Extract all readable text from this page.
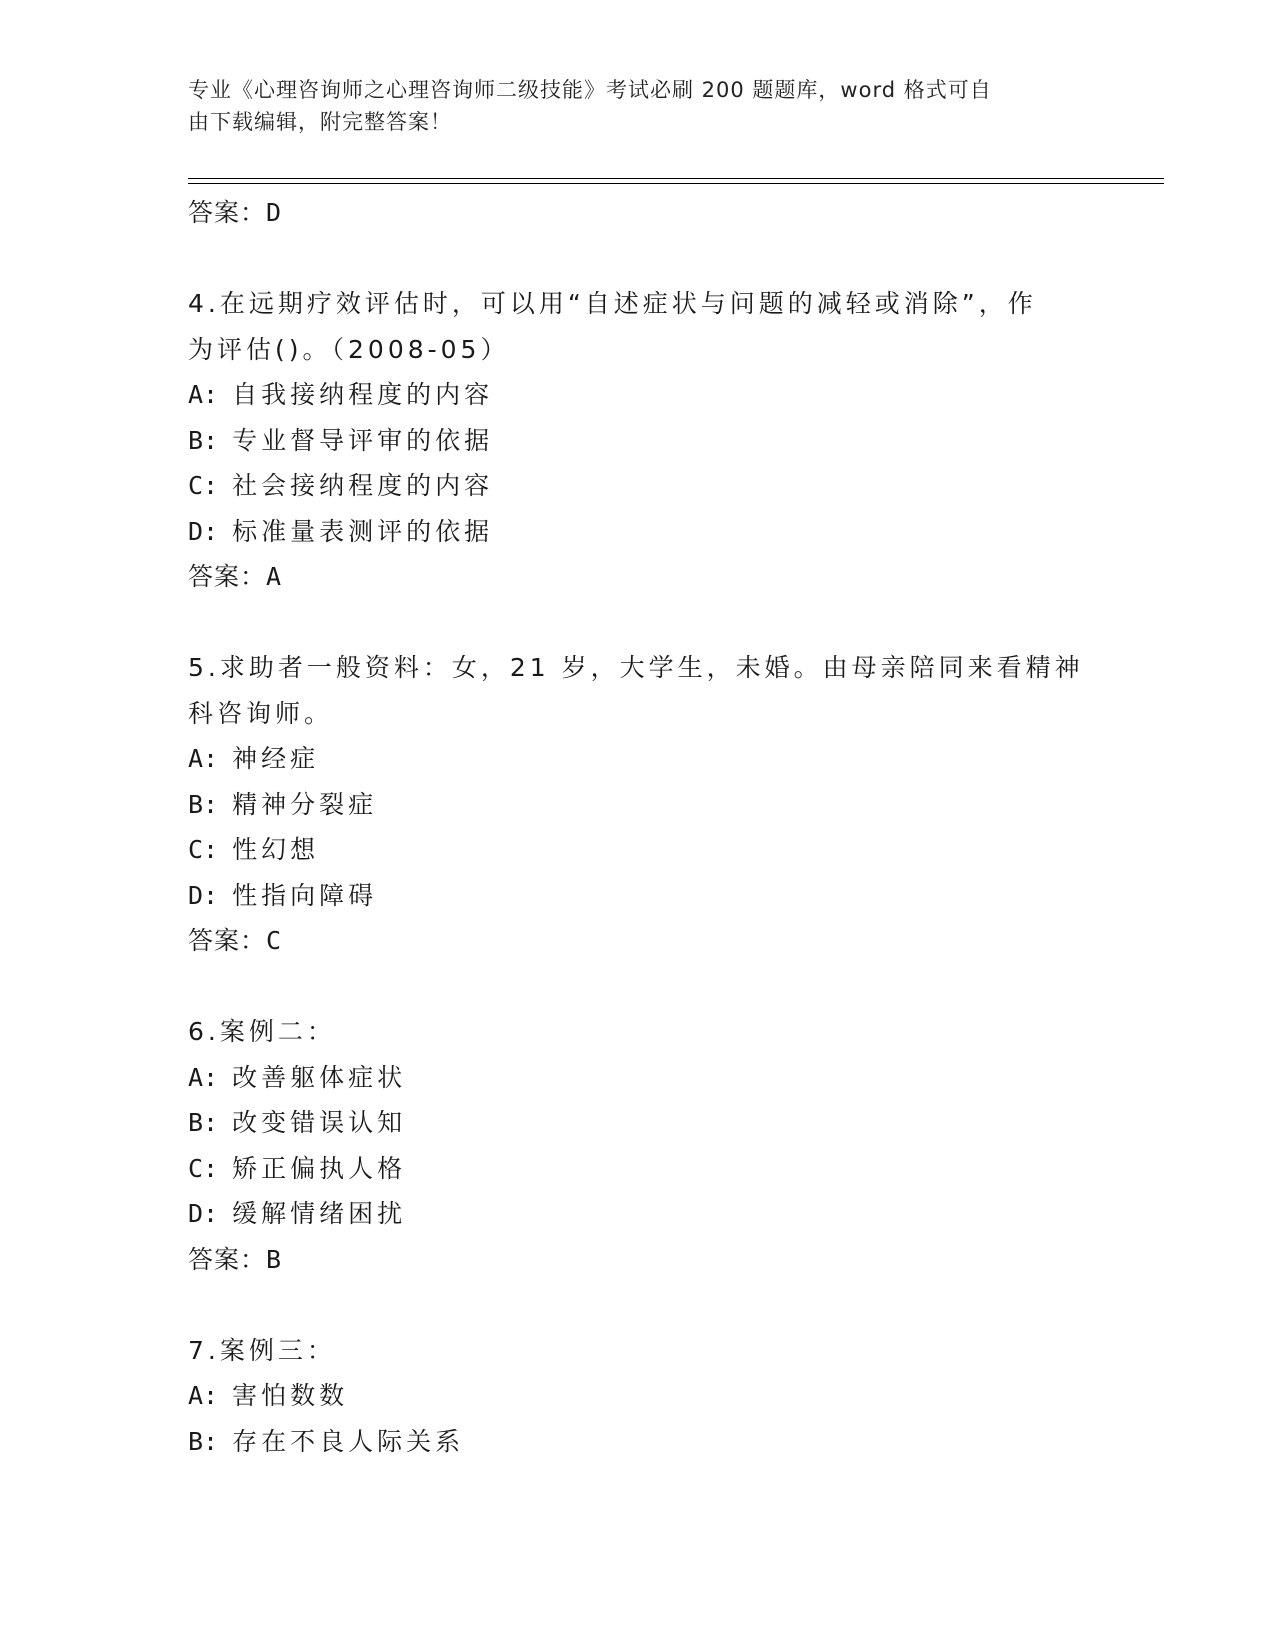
专业《心理咨询师之心理咨询师二级技能》考试必刷 200 题题库，word 格式可自
由下载编辑，附完整答案！
答案：D
4.在远期疗效评估时，可以用“自述症状与问题的减轻或消除”，作
为评估()。（2008-05）
A: 自我接纳程度的内容
B: 专业督导评审的依据
C: 社会接纳程度的内容
D: 标准量表测评的依据
答案：A
5.求助者一般资料：女，21 岁，大学生，未婚。由母亲陪同来看精神
科咨询师。
A: 神经症
B: 精神分裂症
C: 性幻想
D: 性指向障碍
答案：C
6.案例二：
A: 改善躯体症状
B: 改变错误认知
C: 矫正偏执人格
D: 缓解情绪困扰
答案：B
7.案例三：
A: 害怕数数
B: 存在不良人际关系
